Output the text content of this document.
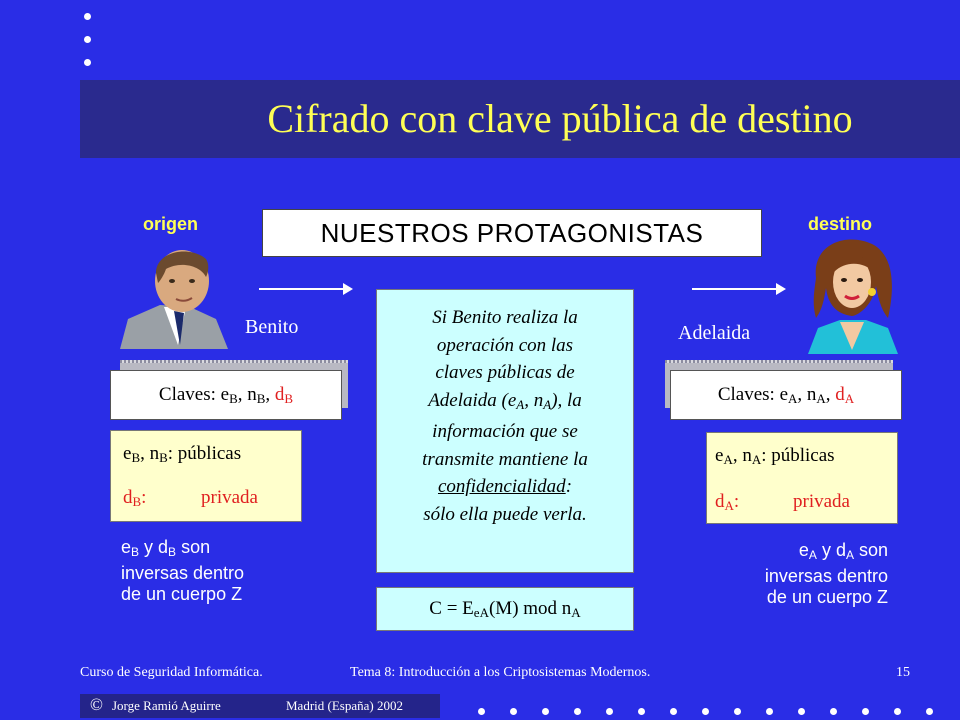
Cifrado con clave pública de destino
origen	destino
NUESTROS PROTAGONISTAS
Benito	Adelaida
Claves: $e_B$, $n_B$, $d_B$
$e_B$, $n_B$: públicas
$d_B$:	privada
$e_B$ y $d_B$ son
inversas dentro
de un cuerpo Z
Claves: $e_A$, $n_A$, $d_A$
$e_A$, $n_A$: públicas
$d_A$:	privada
$e_A$ y $d_A$ son
inversas dentro
de un cuerpo Z
Si Benito realiza la
operación con las
claves públicas de
Adelaida ($e_A$, $n_A$), la
información que se
transmite mantiene la
confidencialidad:
sólo ella puede verla.
$C = E_{eA}(M)$ mod $n_A$
Curso de Seguridad Informática.	Tema 8: Introducción a los Criptosistemas Modernos.	15
© Jorge Ramió Aguirre	Madrid (España) 2002
